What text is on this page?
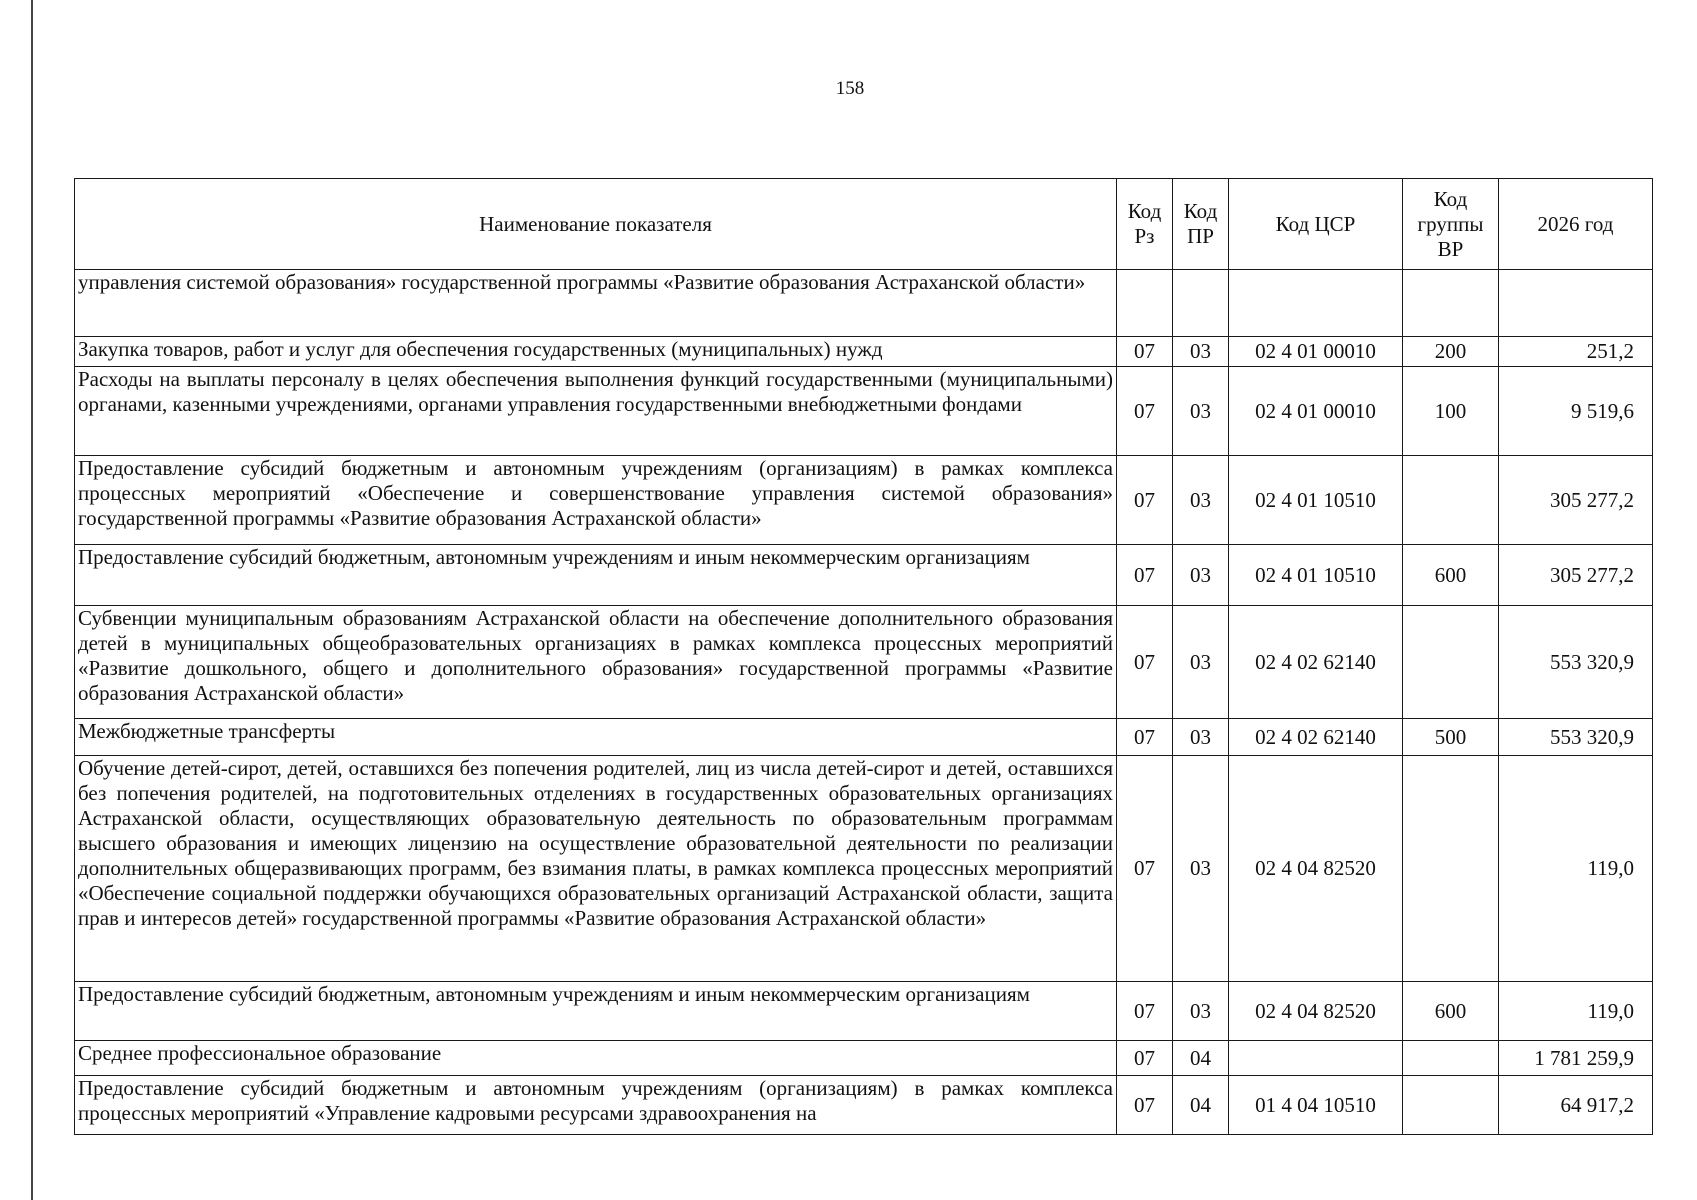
158
Наименование показателя	Код Рз	Код ПР	Код ЦСР	Код группы ВР	2026 год
управления системой образования» государственной программы «Развитие образования Астраханской области»					
Закупка товаров, работ и услуг для обеспечения государственных (муниципальных) нужд	07	03	02 4 01 00010	200	251,2
Расходы на выплаты персоналу в целях обеспечения выполнения функций государственными (муниципальными) органами, казенными учреждениями, органами управления государственными внебюджетными фондами	07	03	02 4 01 00010	100	9 519,6
Предоставление субсидий бюджетным и автономным учреждениям (организациям) в рамках комплекса процессных мероприятий «Обеспечение и совершенствование управления системой образования» государственной программы «Развитие образования Астраханской области»	07	03	02 4 01 10510		305 277,2
Предоставление субсидий бюджетным, автономным учреждениям и иным некоммерческим организациям	07	03	02 4 01 10510	600	305 277,2
Субвенции муниципальным образованиям Астраханской области на обеспечение дополнительного образования детей в муниципальных общеобразовательных организациях в рамках комплекса процессных мероприятий «Развитие дошкольного, общего и дополнительного образования» государственной программы «Развитие образования Астраханской области»	07	03	02 4 02 62140		553 320,9
Межбюджетные трансферты	07	03	02 4 02 62140	500	553 320,9
Обучение детей-сирот, детей, оставшихся без попечения родителей, лиц из числа детей-сирот и детей, оставшихся без попечения родителей, на подготовительных отделениях в государственных образовательных организациях Астраханской области, осуществляющих образовательную деятельность по образовательным программам высшего образования и имеющих лицензию на осуществление образовательной деятельности по реализации дополнительных общеразвивающих программ, без взимания платы, в рамках комплекса процессных мероприятий «Обеспечение социальной поддержки обучающихся образовательных организаций Астраханской области, защита прав и интересов детей» государственной программы «Развитие образования Астраханской области»	07	03	02 4 04 82520		119,0
Предоставление субсидий бюджетным, автономным учреждениям и иным некоммерческим организациям	07	03	02 4 04 82520	600	119,0
Среднее профессиональное образование	07	04			1 781 259,9
Предоставление субсидий бюджетным и автономным учреждениям (организациям) в рамках комплекса процессных мероприятий «Управление кадровыми ресурсами здравоохранения на	07	04	01 4 04 10510		64 917,2
